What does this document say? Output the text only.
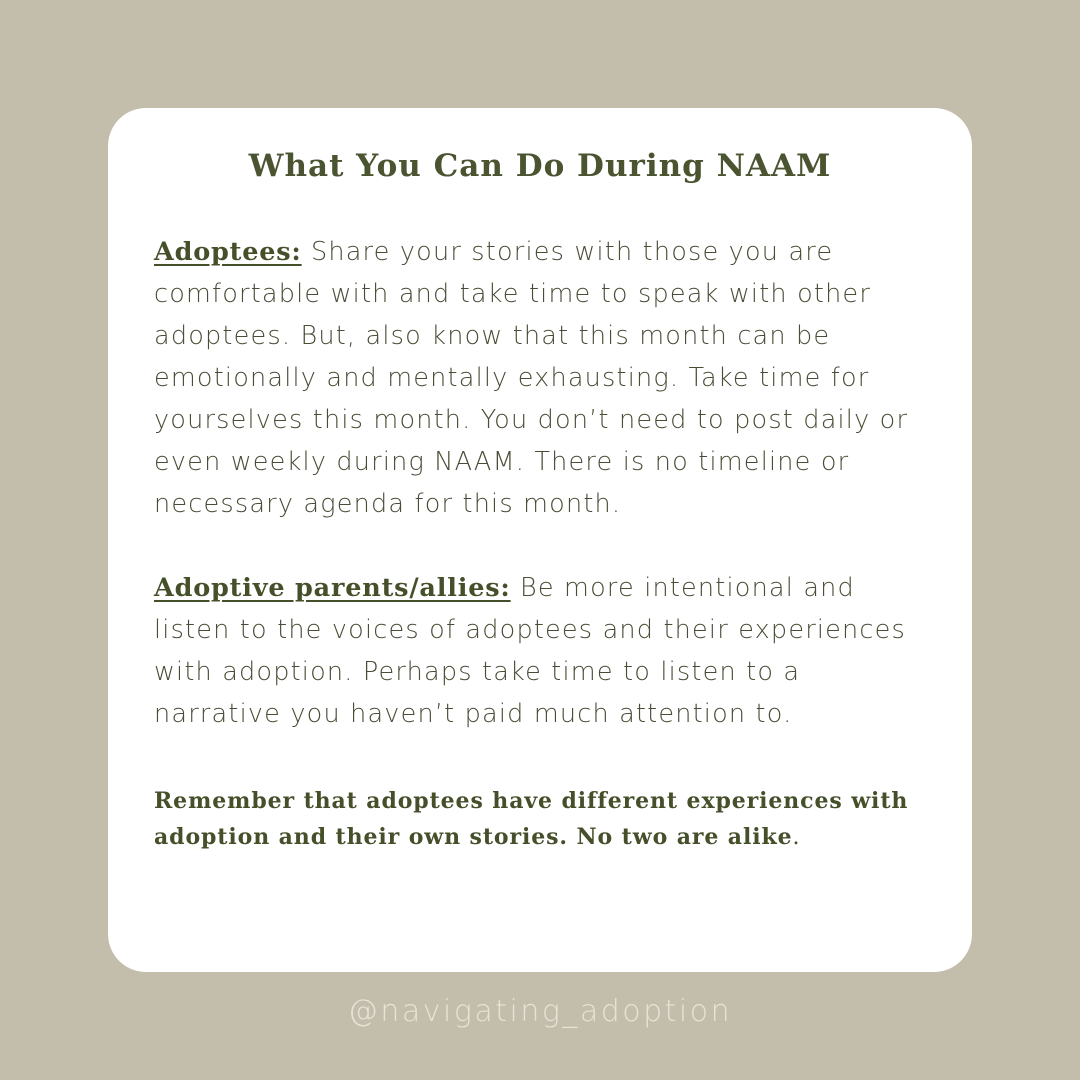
What You Can Do During NAAM

Adoptees: Share your stories with those you are comfortable with and take time to speak with other adoptees. But, also know that this month can be emotionally and mentally exhausting. Take time for yourselves this month. You don’t need to post daily or even weekly during NAAM. There is no timeline or necessary agenda for this month.

Adoptive parents/allies: Be more intentional and listen to the voices of adoptees and their experiences with adoption. Perhaps take time to listen to a narrative you haven’t paid much attention to.

Remember that adoptees have different experiences with adoption and their own stories. No two are alike.

@navigating_adoption
